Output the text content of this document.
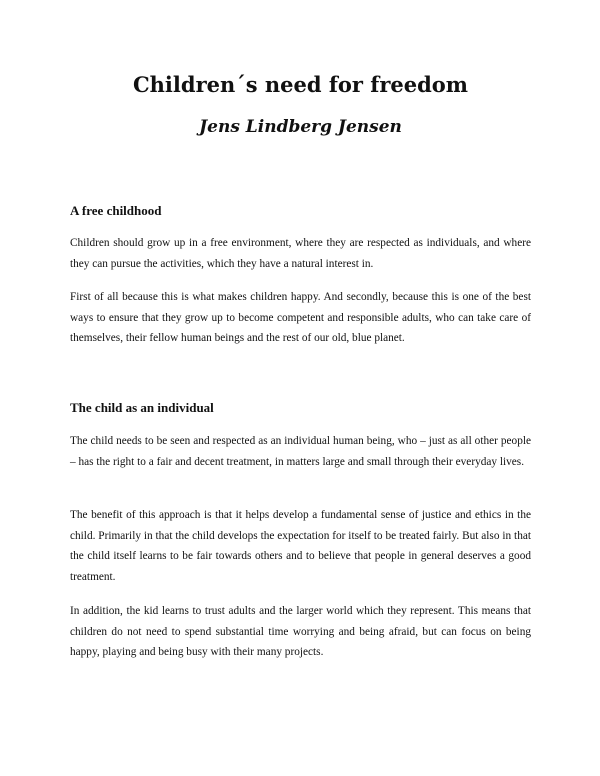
Children´s need for freedom
Jens Lindberg Jensen
A free childhood

Children should grow up in a free environment, where they are respected as individuals, and where they can pursue the activities, which they have a natural interest in.

First of all because this is what makes children happy. And secondly, because this is one of the best ways to ensure that they grow up to become competent and responsible adults, who can take care of themselves, their fellow human beings and the rest of our old, blue planet.

The child as an individual

The child needs to be seen and respected as an individual human being, who – just as all other people – has the right to a fair and decent treatment, in matters large and small through their everyday lives.

The benefit of this approach is that it helps develop a fundamental sense of justice and ethics in the child. Primarily in that the child develops the expectation for itself to be treated fairly. But also in that the child itself learns to be fair towards others and to believe that people in general deserves a good treatment.

In addition, the kid learns to trust adults and the larger world which they represent. This means that children do not need to spend substantial time worrying and being afraid, but can focus on being happy, playing and being busy with their many projects.
